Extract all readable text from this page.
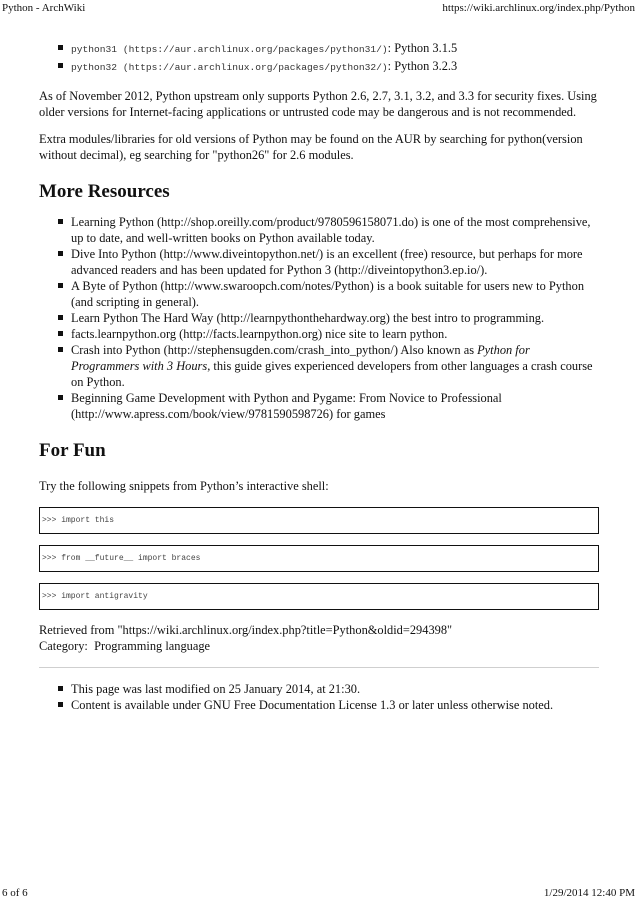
Python - ArchWiki	https://wiki.archlinux.org/index.php/Python
python31 (https://aur.archlinux.org/packages/python31/): Python 3.1.5
python32 (https://aur.archlinux.org/packages/python32/): Python 3.2.3

As of November 2012, Python upstream only supports Python 2.6, 2.7, 3.1, 3.2, and 3.3 for security fixes. Using older versions for Internet-facing applications or untrusted code may be dangerous and is not recommended.

Extra modules/libraries for old versions of Python may be found on the AUR by searching for python(version without decimal), eg searching for "python26" for 2.6 modules.

More Resources
Learning Python (http://shop.oreilly.com/product/9780596158071.do) is one of the most comprehensive, up to date, and well-written books on Python available today.
Dive Into Python (http://www.diveintopython.net/) is an excellent (free) resource, but perhaps for more advanced readers and has been updated for Python 3 (http://diveintopython3.ep.io/).
A Byte of Python (http://www.swaroopch.com/notes/Python) is a book suitable for users new to Python (and scripting in general).
Learn Python The Hard Way (http://learnpythonthehardway.org) the best intro to programming.
facts.learnpython.org (http://facts.learnpython.org) nice site to learn python.
Crash into Python (http://stephensugden.com/crash_into_python/) Also known as Python for Programmers with 3 Hours, this guide gives experienced developers from other languages a crash course on Python.
Beginning Game Development with Python and Pygame: From Novice to Professional (http://www.apress.com/book/view/9781590598726) for games
For Fun

Try the following snippets from Python’s interactive shell:

>>> import this
>>> from __future__ import braces
>>> import antigravity

Retrieved from "https://wiki.archlinux.org/index.php?title=Python&oldid=294398"

Category: Programming language

This page was last modified on 25 January 2014, at 21:30.
Content is available under GNU Free Documentation License 1.3 or later unless otherwise noted.
6 of 6	1/29/2014 12:40 PM
